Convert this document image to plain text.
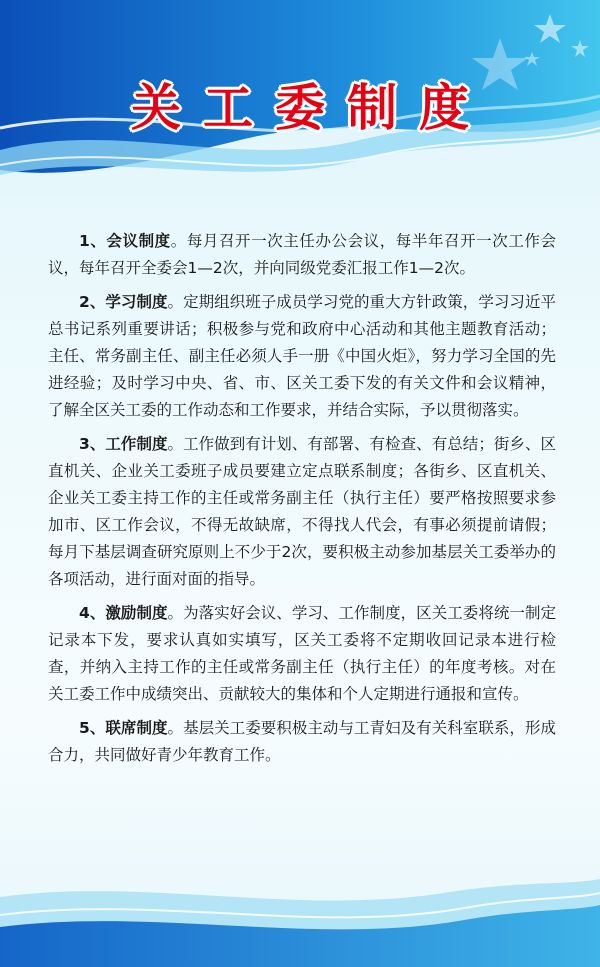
关工委制度

1、会议制度。每月召开一次主任办公会议，每半年召开一次工作会议，每年召开全委会1—2次，并向同级党委汇报工作1—2次。

2、学习制度。定期组织班子成员学习党的重大方针政策，学习习近平总书记系列重要讲话；积极参与党和政府中心活动和其他主题教育活动；主任、常务副主任、副主任必须人手一册《中国火炬》，努力学习全国的先进经验；及时学习中央、省、市、区关工委下发的有关文件和会议精神，了解全区关工委的工作动态和工作要求，并结合实际，予以贯彻落实。

3、工作制度。工作做到有计划、有部署、有检查、有总结；街乡、区直机关、企业关工委班子成员要建立定点联系制度；各街乡、区直机关、企业关工委主持工作的主任或常务副主任（执行主任）要严格按照要求参加市、区工作会议，不得无故缺席，不得找人代会，有事必须提前请假；每月下基层调查研究原则上不少于2次，要积极主动参加基层关工委举办的各项活动，进行面对面的指导。

4、激励制度。为落实好会议、学习、工作制度，区关工委将统一制定记录本下发，要求认真如实填写，区关工委将不定期收回记录本进行检查，并纳入主持工作的主任或常务副主任（执行主任）的年度考核。对在关工委工作中成绩突出、贡献较大的集体和个人定期进行通报和宣传。

5、联席制度。基层关工委要积极主动与工青妇及有关科室联系，形成合力，共同做好青少年教育工作。
